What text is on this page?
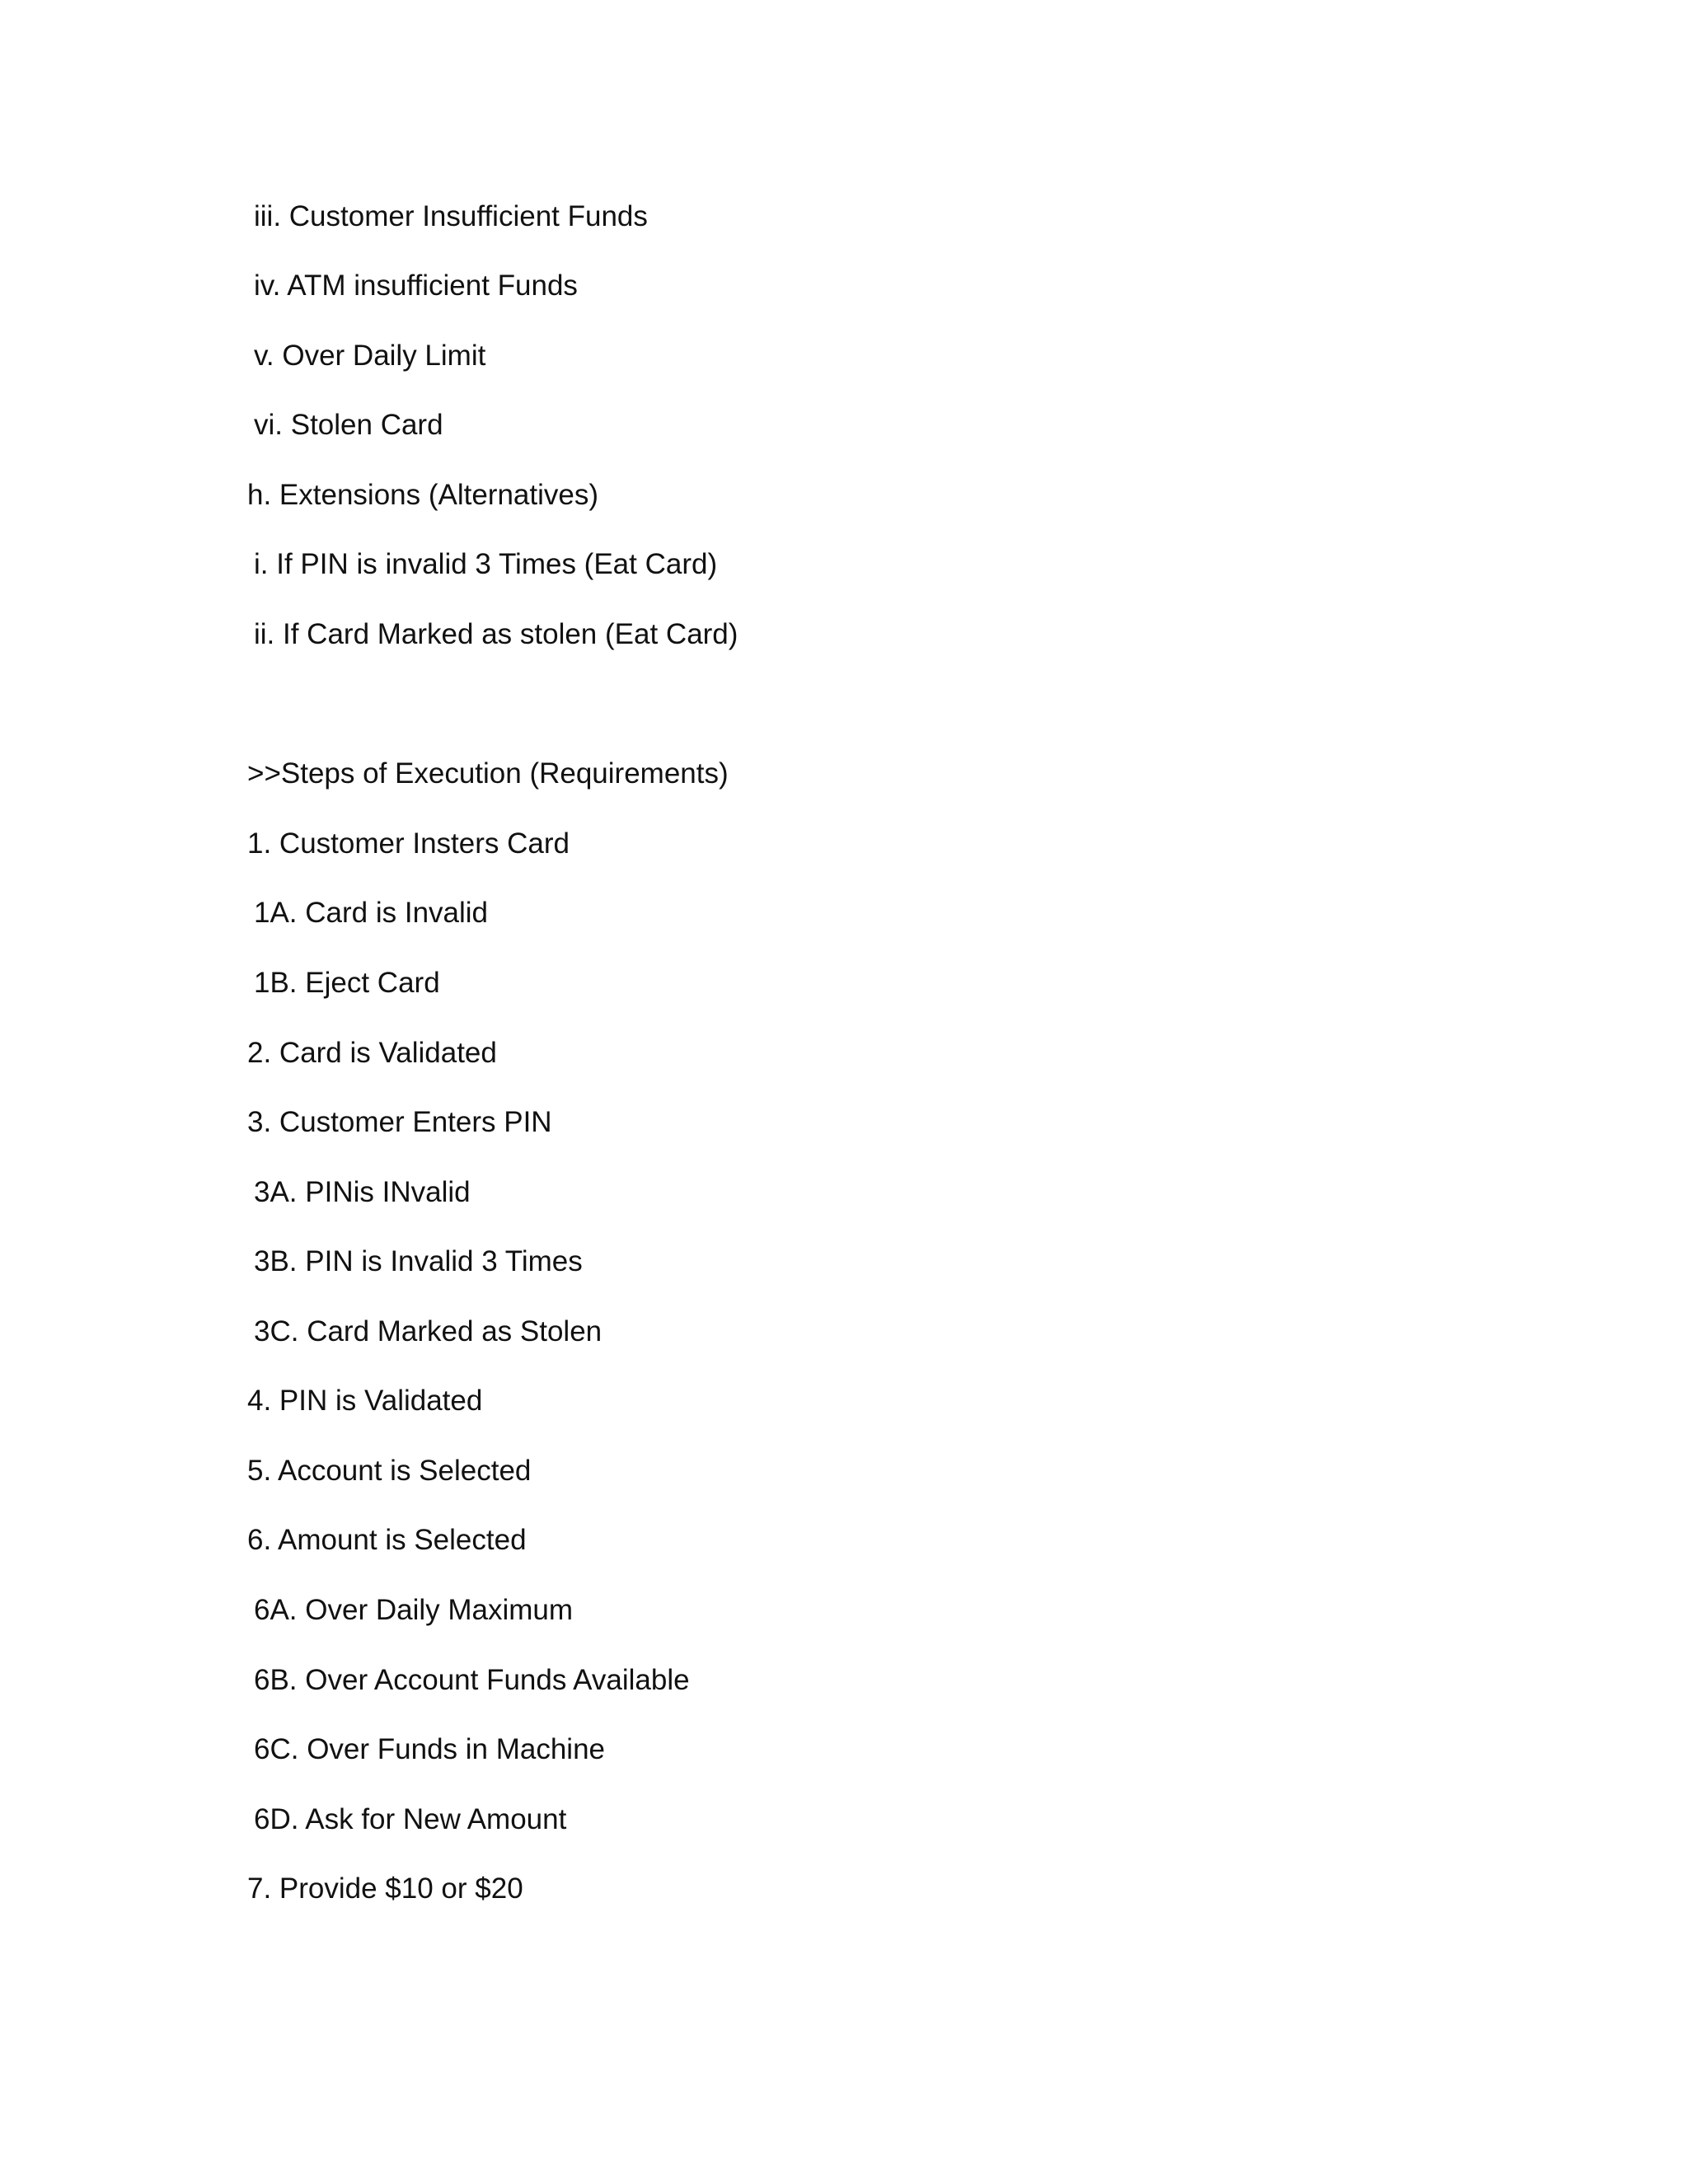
iii. Customer Insufficient Funds

iv. ATM insufficient Funds

v. Over Daily Limit

vi. Stolen Card

h. Extensions (Alternatives)

i. If PIN is invalid 3 Times (Eat Card)

ii. If Card Marked as stolen (Eat Card)

>>Steps of Execution (Requirements)

1. Customer Insters Card

1A. Card is Invalid

1B. Eject Card

2. Card is Validated

3. Customer Enters PIN

3A. PINis INvalid

3B. PIN is Invalid 3 Times

3C. Card Marked as Stolen

4. PIN is Validated

5. Account is Selected

6. Amount is Selected

6A. Over Daily Maximum

6B. Over Account Funds Available

6C. Over Funds in Machine

6D. Ask for New Amount

7. Provide $10 or $20
